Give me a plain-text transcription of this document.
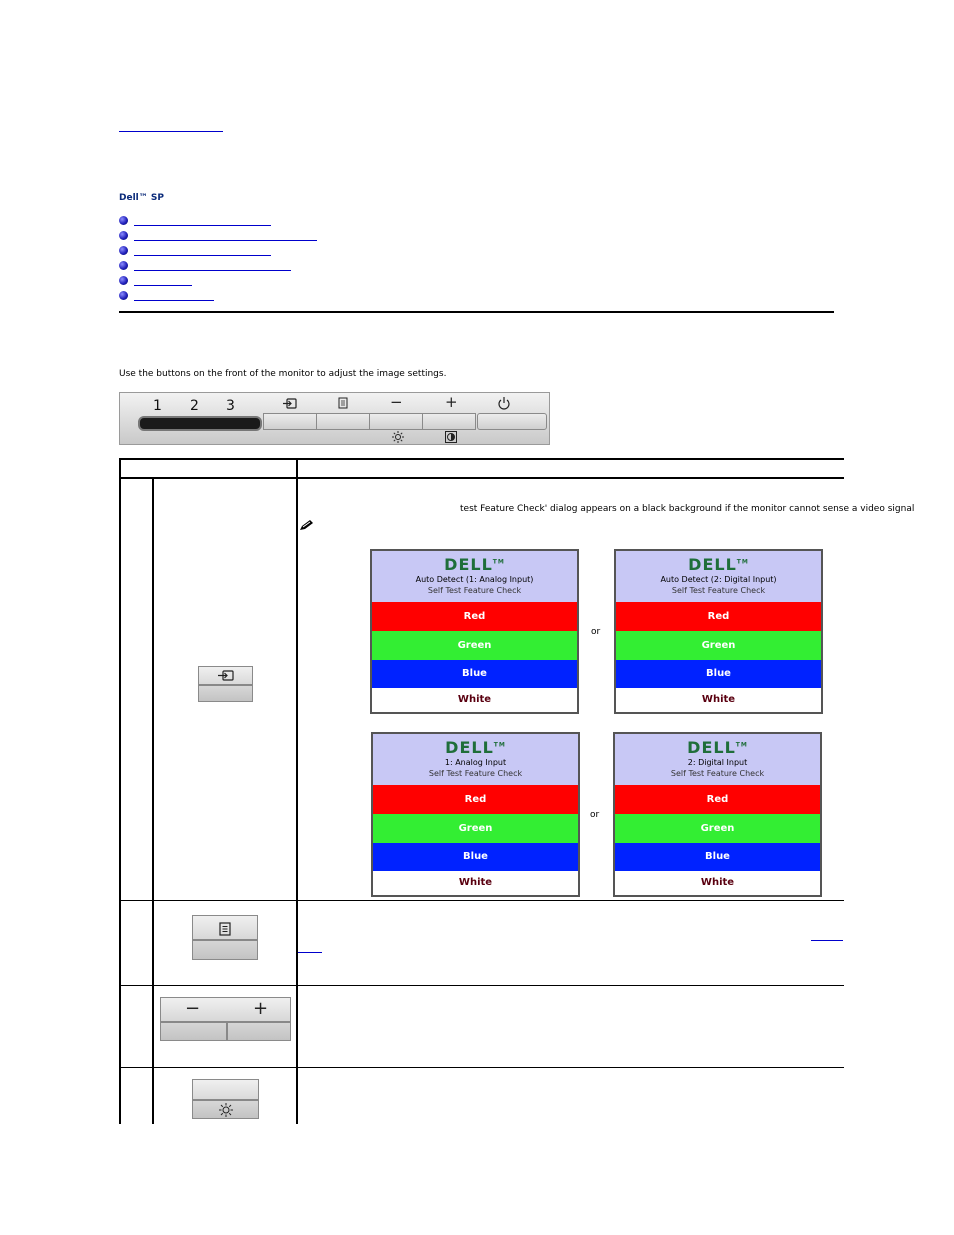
Dell™ SP
Use the buttons on the front of the monitor to adjust the image settings.
1 2 3	−	+
test Feature Check' dialog appears on a black background if the monitor cannot sense a video signal
DELL™
Auto Detect (1: Analog Input)
Self Test Feature Check
Red
Green
Blue
White
or
DELL™
Auto Detect (2: Digital Input)
Self Test Feature Check
Red
Green
Blue
White
DELL™
1: Analog Input
Self Test Feature Check
Red
Green
Blue
White
or
DELL™
2: Digital Input
Self Test Feature Check
Red
Green
Blue
White
−	+
